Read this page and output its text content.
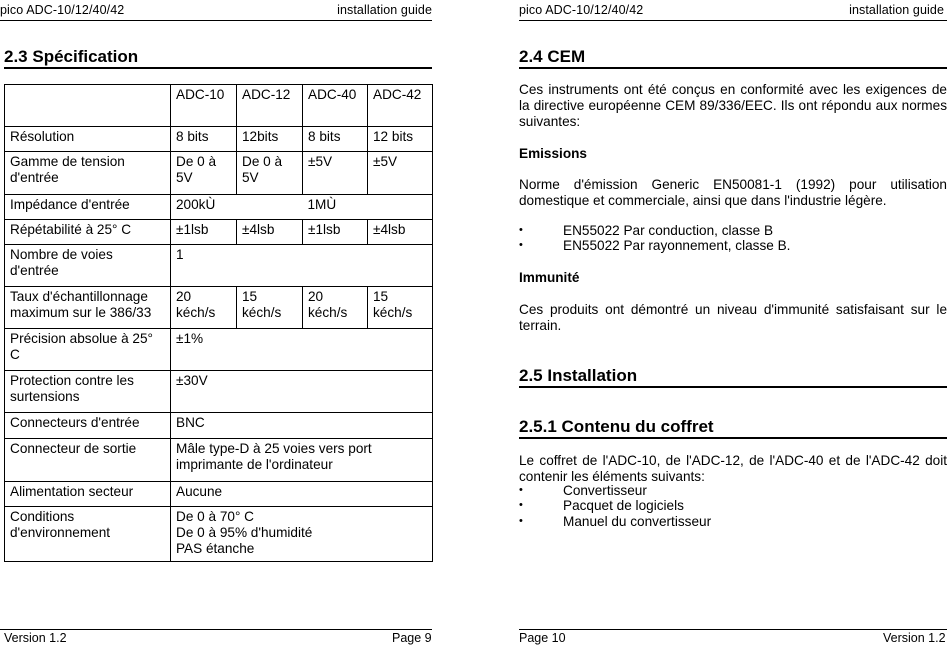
pico ADC-10/12/40/42	installation guide
2.3 Spécification
	ADC-10	ADC-12	ADC-40	ADC-42
Résolution	8 bits	12bits	8 bits	12 bits
Gamme de tension d'entrée	De 0 à 5V	De 0 à 5V	±5V	±5V
Impédance d'entrée	200kÙ		1MÙ	
Répétabilité à 25° C	±1lsb	±4lsb	±1lsb	±4lsb
Nombre de voies d'entrée	1			
Taux d'échantillonnage maximum sur le 386/33	20 kéch/s	15 kéch/s	20 kéch/s	15 kéch/s
Précision absolue à 25° C	±1%			
Protection contre les surtensions	±30V			
Connecteurs d'entrée	BNC			
Connecteur de sortie	Mâle type-D à 25 voies vers port imprimante de l'ordinateur			
Alimentation secteur	Aucune			
Conditions d'environnement	De 0 à 70° C
De 0 à 95% d'humidité
PAS étanche			
Version 1.2	Page 9
pico ADC-10/12/40/42	installation guide
2.4 CEM
Ces instruments ont été conçus en conformité avec les exigences de la directive européenne CEM 89/336/EEC. Ils ont répondu aux normes suivantes:
Emissions
Norme d'émission Generic EN50081-1 (1992) pour utilisation domestique et commerciale, ainsi que dans l'industrie légère.
• EN55022 Par conduction, classe B
• EN55022 Par rayonnement, classe B.
Immunité
Ces produits ont démontré un niveau d'immunité satisfaisant sur le terrain.
2.5 Installation
2.5.1 Contenu du coffret
Le coffret de l'ADC-10, de l'ADC-12, de l'ADC-40 et de l'ADC-42 doit contenir les éléments suivants:
• Convertisseur
• Pacquet de logiciels
• Manuel du convertisseur
Page 10	Version 1.2
